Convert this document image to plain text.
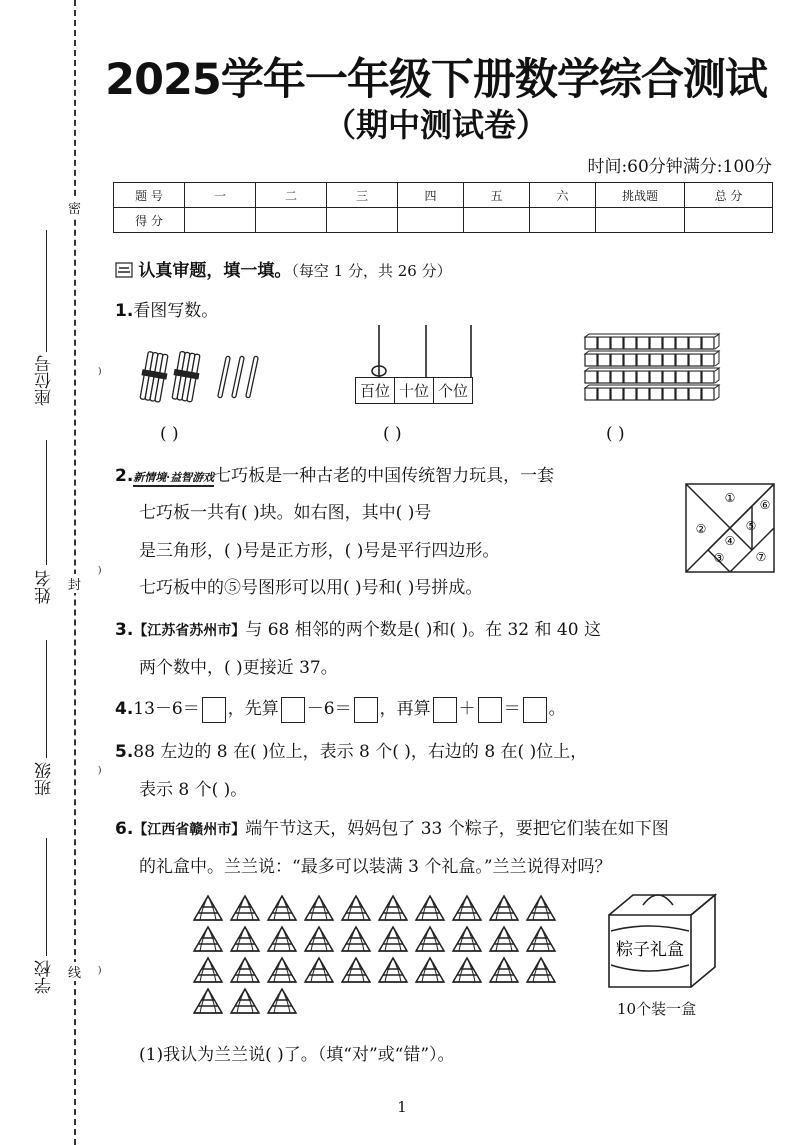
密
封
线
座位号
姓名
班级
学校
)
)
)
)
2025学年一年级下册数学综合测试
（期中测试卷）
时间:60分钟满分:100分
题 号	一	二	三	四	五	六	挑战题	总 分
得 分								
认真审题，填一填。（每空 1 分，共 26 分）
1.看图写数。
百位 十位 个位
( )	( )	( )
2.新情境·益智游戏七巧板是一种古老的中国传统智力玩具，一套
七巧板一共有( )块。如右图，其中( )号
是三角形，( )号是正方形，( )号是平行四边形。
七巧板中的⑤号图形可以用( )号和( )号拼成。
①
②
③
④
⑤
⑥
⑦
3.【江苏省苏州市】与 68 相邻的两个数是( )和( )。在 32 和 40 这
两个数中，( )更接近 37。
4.13－6＝ ，先算 －6＝ ，再算 ＋ ＝ 。
5.88 左边的 8 在( )位上，表示 8 个( )，右边的 8 在( )位上，
表示 8 个( )。
6.【江西省赣州市】端午节这天，妈妈包了 33 个粽子，要把它们装在如下图
的礼盒中。兰兰说：“最多可以装满 3 个礼盒。”兰兰说得对吗？
粽子礼盒
10个装一盒
(1)我认为兰兰说( )了。（填“对”或“错”）。
1
